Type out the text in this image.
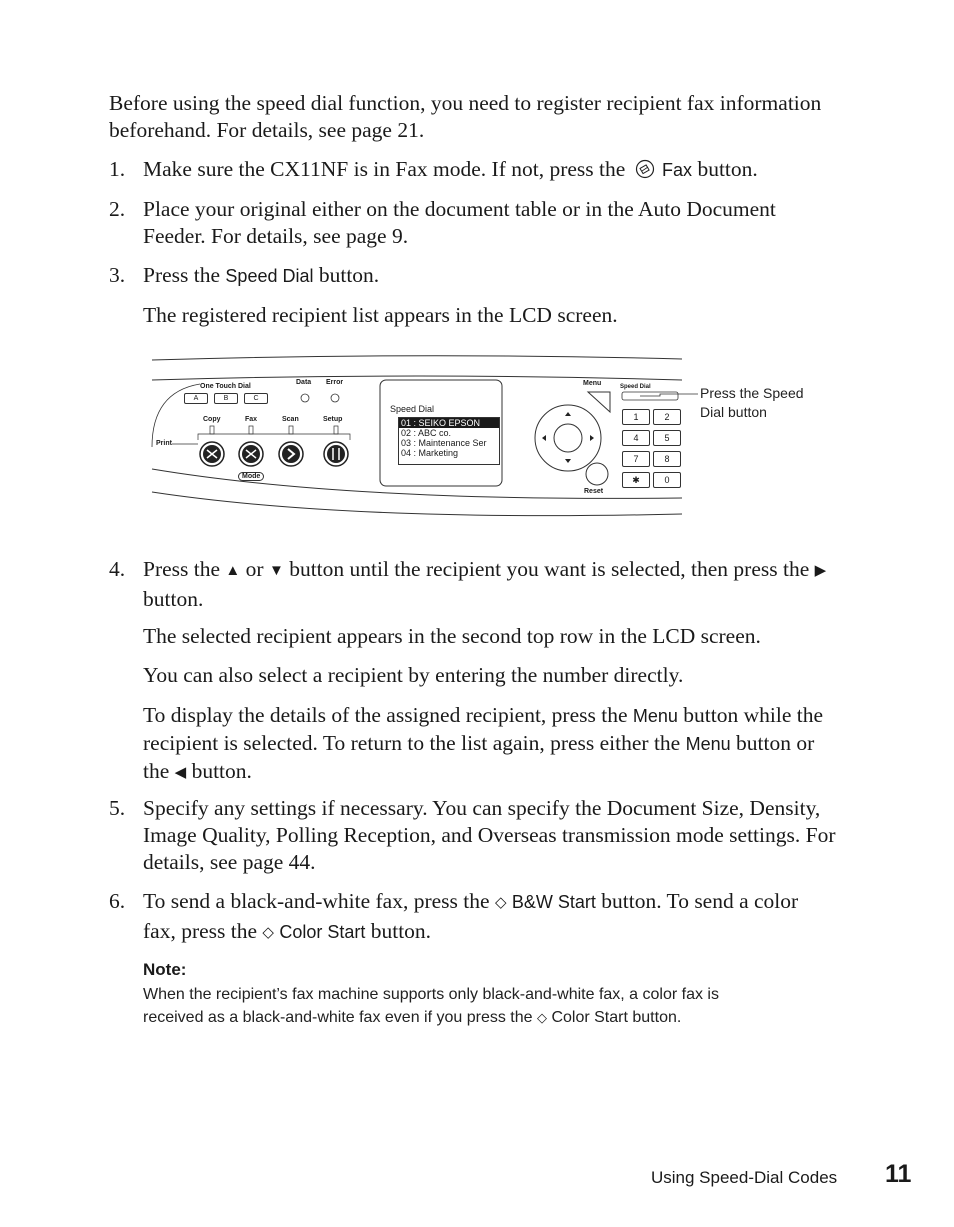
Before using the speed dial function, you need to register recipient fax information
beforehand. For details, see page 21.
1. Make sure the CX11NF is in Fax mode. If not, press the Fax button.
2. Place your original either on the document table or in the Auto Document
Feeder. For details, see page 9.
3. Press the Speed Dial button.
The registered recipient list appears in the LCD screen.
One Touch Dial
Data Error
A	B	C
Copy	Fax	Scan	Setup
Print
Mode
Speed Dial
01 : SEIKO EPSON
02 : ABC co.
03 : Maintenance Ser
04 : Marketing
Menu	Speed Dial
Reset
1	2
4	5
7	8
✱	0
Press the Speed
Dial button
4. Press the ▲ or ▼ button until the recipient you want is selected, then press the ▶
button.
The selected recipient appears in the second top row in the LCD screen.
You can also select a recipient by entering the number directly.
To display the details of the assigned recipient, press the Menu button while the
recipient is selected. To return to the list again, press either the Menu button or
the ◀ button.
5. Specify any settings if necessary. You can specify the Document Size, Density,
Image Quality, Polling Reception, and Overseas transmission mode settings. For
details, see page 44.
6. To send a black-and-white fax, press the ◇ B&W Start button. To send a color
fax, press the ◇ Color Start button.
Note:
When the recipient’s fax machine supports only black-and-white fax, a color fax is
received as a black-and-white fax even if you press the ◇ Color Start button.
Using Speed-Dial Codes 11
